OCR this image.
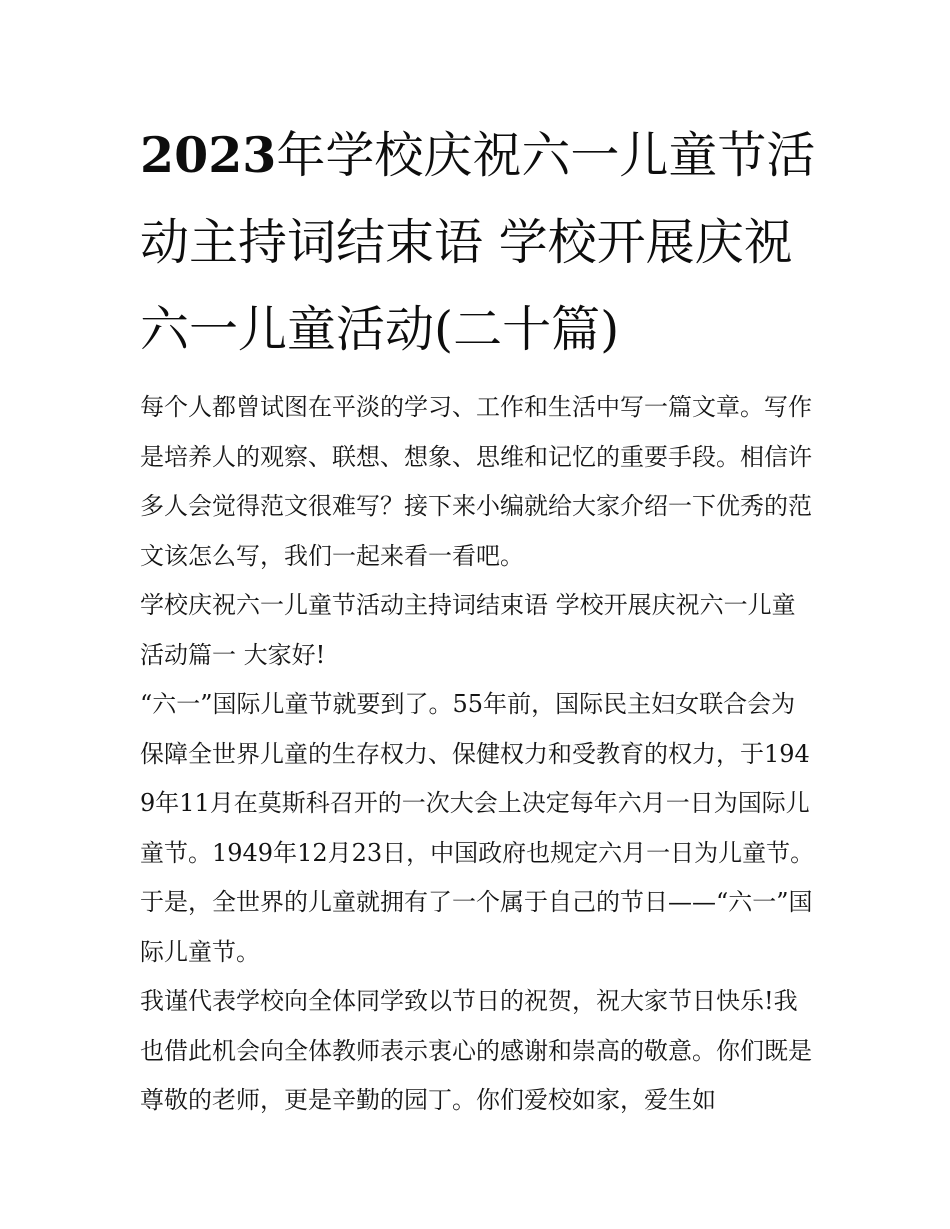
2023年学校庆祝六一儿童节活动主持词结束语 学校开展庆祝六一儿童活动(二十篇)

每个人都曾试图在平淡的学习、工作和生活中写一篇文章。写作是培养人的观察、联想、想象、思维和记忆的重要手段。相信许多人会觉得范文很难写？接下来小编就给大家介绍一下优秀的范文该怎么写，我们一起来看一看吧。

学校庆祝六一儿童节活动主持词结束语 学校开展庆祝六一儿童活动篇一 大家好!

“六一”国际儿童节就要到了。55年前，国际民主妇女联合会为保障全世界儿童的生存权力、保健权力和受教育的权力，于1949年11月在莫斯科召开的一次大会上决定每年六月一日为国际儿童节。1949年12月23日，中国政府也规定六月一日为儿童节。于是，全世界的儿童就拥有了一个属于自己的节日——“六一”国际儿童节。

我谨代表学校向全体同学致以节日的祝贺，祝大家节日快乐!我也借此机会向全体教师表示衷心的感谢和崇高的敬意。你们既是尊敬的老师，更是辛勤的园丁。你们爱校如家，爱生如
